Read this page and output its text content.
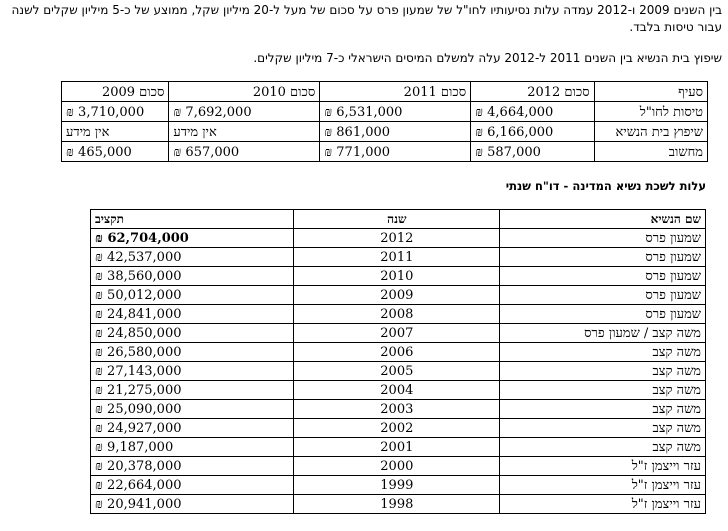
בין השנים 2009 ו-2012 עמדה עלות נסיעותיו לחו"ל של שמעון פרס על סכום של מעל ל-20 מיליון שקל, ממוצע של כ-5 מיליון שקלים לשנה עבור טיסות בלבד.

שיפוץ בית הנשיא בין השנים 2011 ל-2012 עלה למשלם המיסים הישראלי כ-7 מיליון שקלים.

סעיף	סכום 2012	סכום 2011	סכום 2010	סכום 2009
טיסות לחו"ל	4,664,000 ₪	6,531,000 ₪	7,692,000 ₪	3,710,000 ₪
שיפוץ בית הנשיא	6,166,000 ₪	861,000 ₪	אין מידע	אין מידע
מחשוב	587,000 ₪	771,000 ₪	657,000 ₪	465,000 ₪
עלות לשכת נשיא המדינה - דו"ח שנתי
שם הנשיא	שנה	תקציב
שמעון פרס	2012	62,704,000 ₪
שמעון פרס	2011	42,537,000 ₪
שמעון פרס	2010	38,560,000 ₪
שמעון פרס	2009	50,012,000 ₪
שמעון פרס	2008	24,841,000 ₪
משה קצב / שמעון פרס	2007	24,850,000 ₪
משה קצב	2006	26,580,000 ₪
משה קצב	2005	27,143,000 ₪
משה קצב	2004	21,275,000 ₪
משה קצב	2003	25,090,000 ₪
משה קצב	2002	24,927,000 ₪
משה קצב	2001	9,187,000 ₪
עזר וייצמן ז"ל	2000	20,378,000 ₪
עזר וייצמן ז"ל	1999	22,664,000 ₪
עזר וייצמן ז"ל	1998	20,941,000 ₪
